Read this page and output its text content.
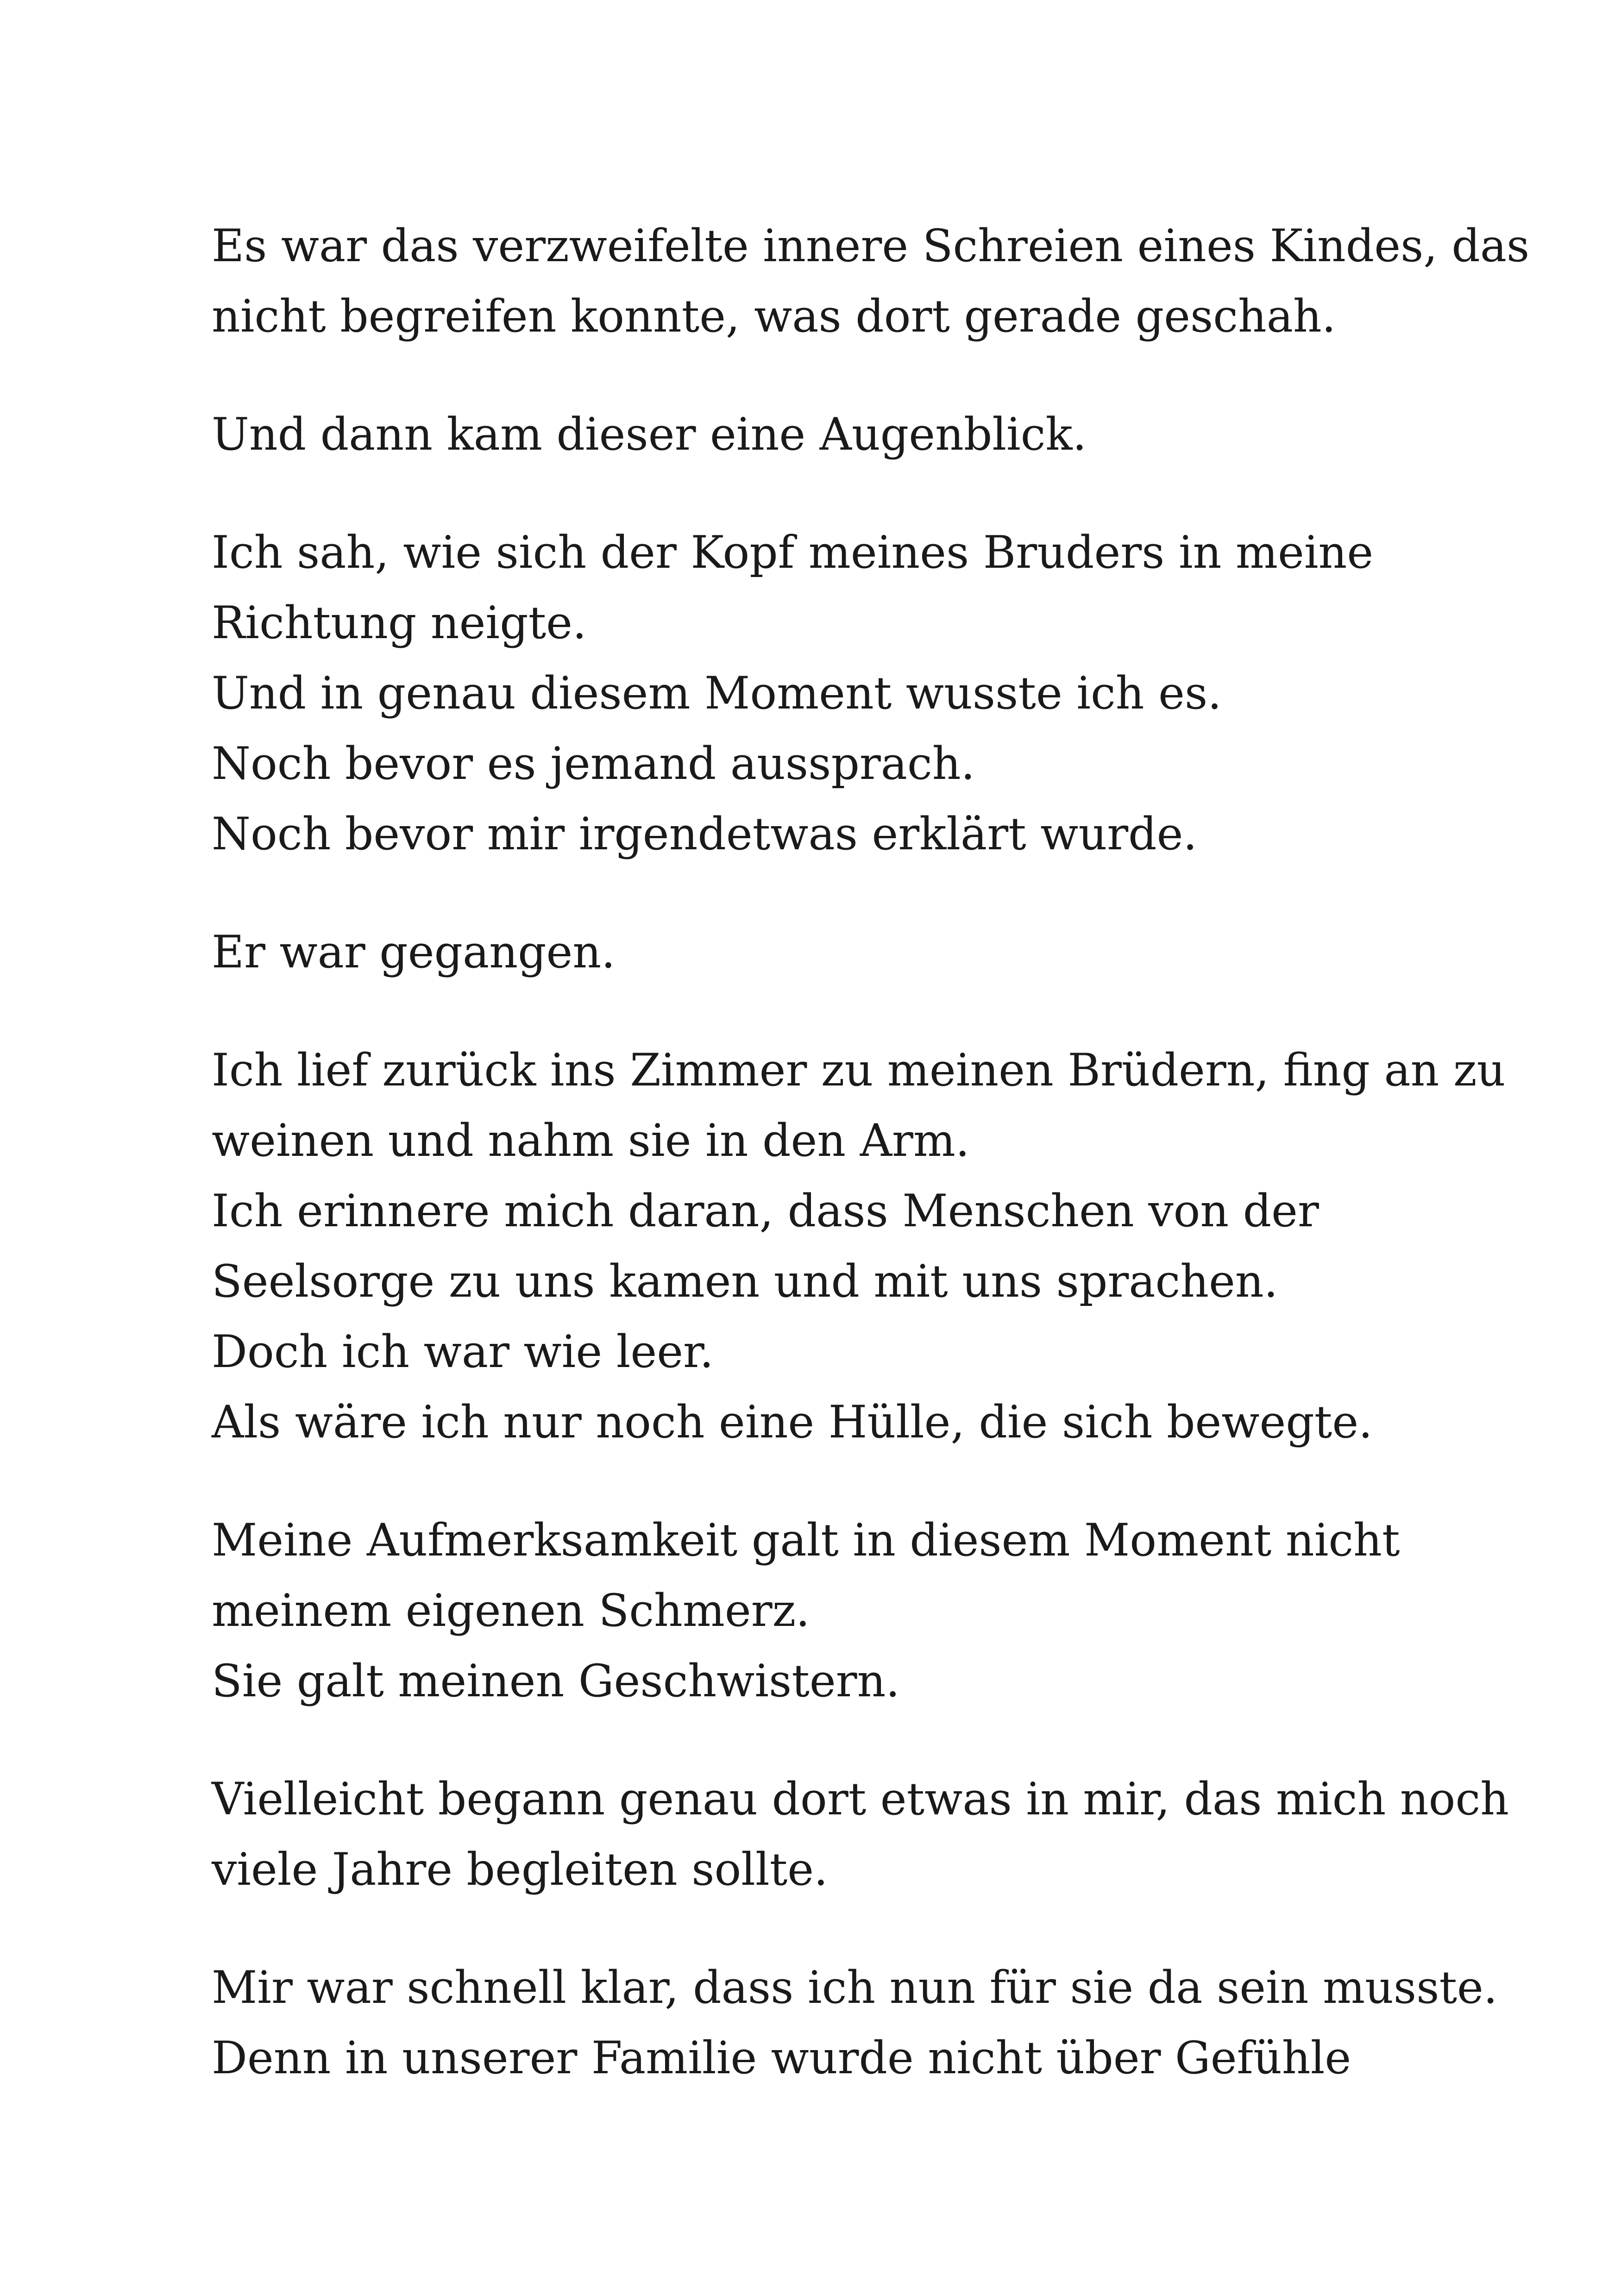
Es war das verzweifelte innere Schreien eines Kindes, das
nicht begreifen konnte, was dort gerade geschah.

Und dann kam dieser eine Augenblick.

Ich sah, wie sich der Kopf meines Bruders in meine
Richtung neigte.
Und in genau diesem Moment wusste ich es.
Noch bevor es jemand aussprach.
Noch bevor mir irgendetwas erklärt wurde.

Er war gegangen.

Ich lief zurück ins Zimmer zu meinen Brüdern, fing an zu
weinen und nahm sie in den Arm.
Ich erinnere mich daran, dass Menschen von der
Seelsorge zu uns kamen und mit uns sprachen.
Doch ich war wie leer.
Als wäre ich nur noch eine Hülle, die sich bewegte.

Meine Aufmerksamkeit galt in diesem Moment nicht
meinem eigenen Schmerz.
Sie galt meinen Geschwistern.

Vielleicht begann genau dort etwas in mir, das mich noch
viele Jahre begleiten sollte.

Mir war schnell klar, dass ich nun für sie da sein musste.
Denn in unserer Familie wurde nicht über Gefühle
